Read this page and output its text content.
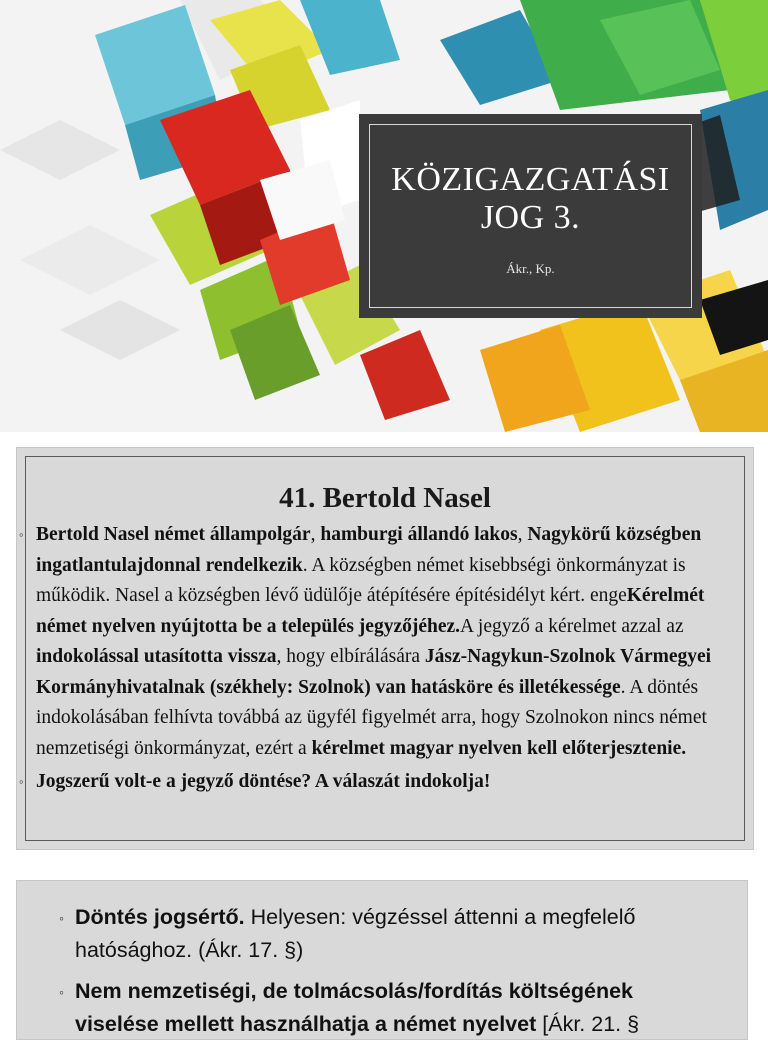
KÖZIGAZGATÁSI
JOG 3.
Ákr., Kp.
41. Bertold Nasel

◦ Bertold Nasel német állampolgár, hamburgi állandó lakos, Nagykörű községben ingatlantulajdonnal rendelkezik. A községben német kisebbségi önkormányzat is működik. Nasel a községben lévő üdülője átépítésére építésidélyt kért. engeKérelmét német nyelven nyújtotta be a település jegyzőjéhez.A jegyző a kérelmet azzal az indokolással utasította vissza, hogy elbírálására Jász-Nagykun-Szolnok Vármegyei Kormányhivatalnak (székhely: Szolnok) van hatásköre és illetékessége. A döntés indokolásában felhívta továbbá az ügyfél figyelmét arra, hogy Szolnokon nincs német nemzetiségi önkormányzat, ezért a kérelmet magyar nyelven kell előterjesztenie.

◦ Jogszerű volt-e a jegyző döntése? A válaszát indokolja!

◦ Döntés jogsértő. Helyesen: végzéssel áttenni a megfelelő hatósághoz. (Ákr. 17. §)

◦ Nem nemzetiségi, de tolmácsolás/fordítás költségének viselése mellett használhatja a német nyelvet [Ákr. 21. §
